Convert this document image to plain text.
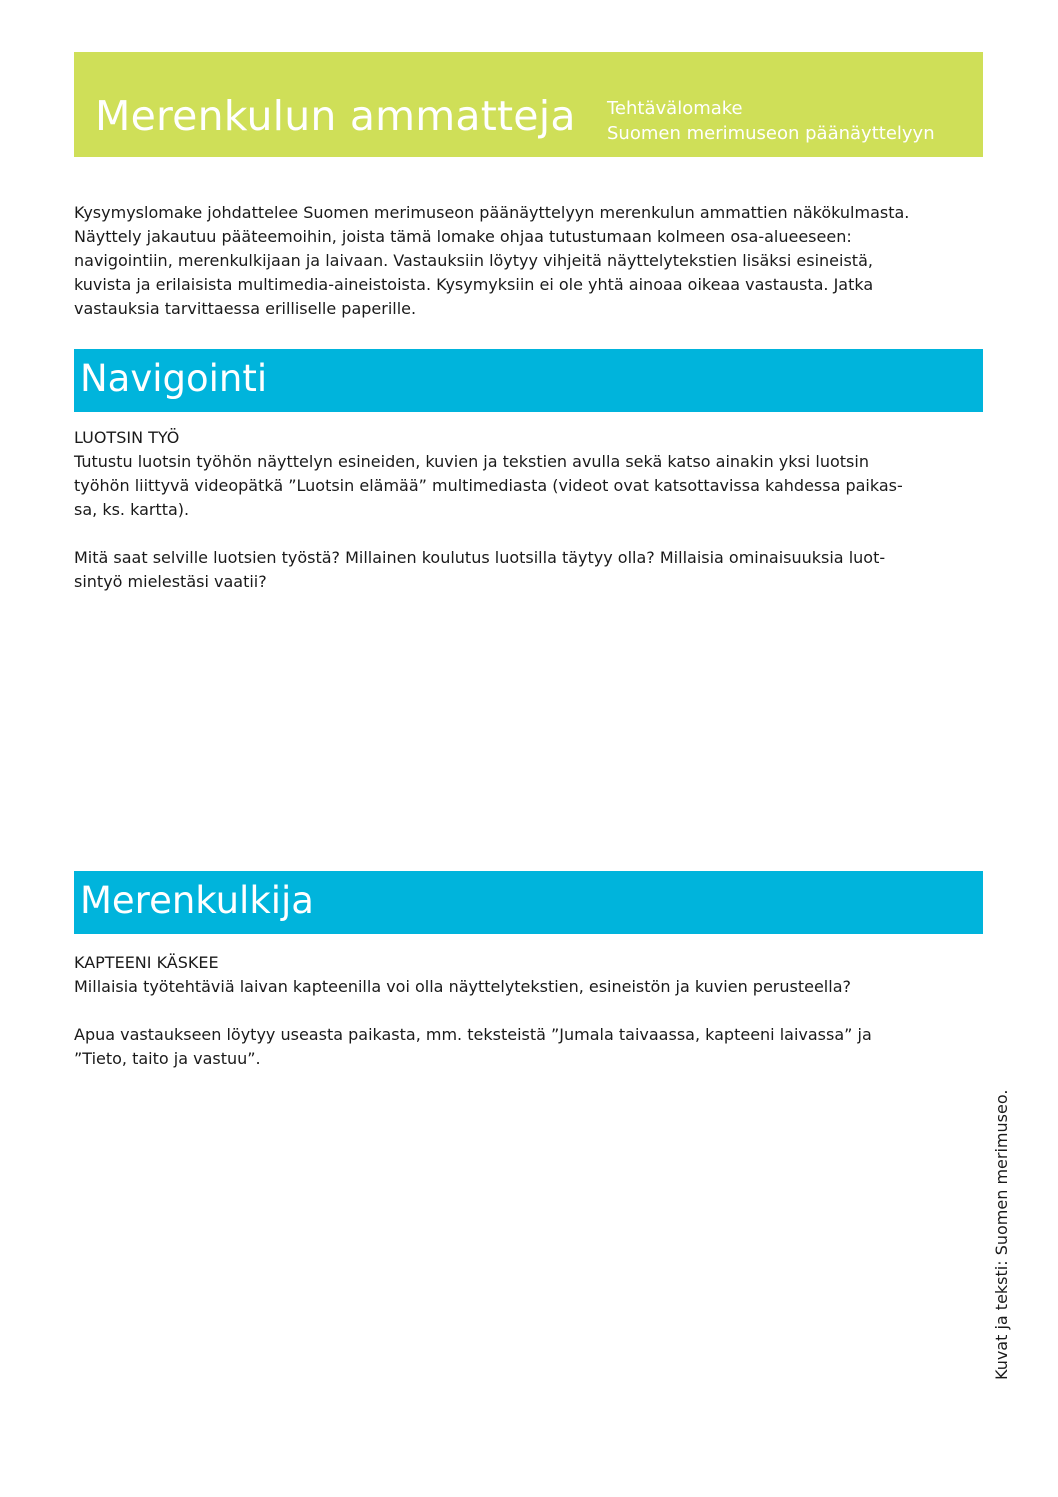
Merenkulun ammatteja Tehtävälomake
Suomen merimuseon päänäyttelyyn
Kysymyslomake johdattelee Suomen merimuseon päänäyttelyyn merenkulun ammattien näkökulmasta.
Näyttely jakautuu pääteemoihin, joista tämä lomake ohjaa tutustumaan kolmeen osa-alueeseen:
navigointiin, merenkulkijaan ja laivaan. Vastauksiin löytyy vihjeitä näyttelytekstien lisäksi esineistä,
kuvista ja erilaisista multimedia-aineistoista. Kysymyksiin ei ole yhtä ainoaa oikeaa vastausta. Jatka
vastauksia tarvittaessa erilliselle paperille.
Navigointi

LUOTSIN TYÖ

Tutustu luotsin työhön näyttelyn esineiden, kuvien ja tekstien avulla sekä katso ainakin yksi luotsin

työhön liittyvä videopätkä ”Luotsin elämää” multimediasta (videot ovat katsottavissa kahdessa paikas-

sa, ks. kartta).

Mitä saat selville luotsien työstä? Millainen koulutus luotsilla täytyy olla? Millaisia ominaisuuksia luot-

sintyö mielestäsi vaatii?

Merenkulkija

KAPTEENI KÄSKEE

Millaisia työtehtäviä laivan kapteenilla voi olla näyttelytekstien, esineistön ja kuvien perusteella?

Apua vastaukseen löytyy useasta paikasta, mm. teksteistä ”Jumala taivaassa, kapteeni laivassa” ja

”Tieto, taito ja vastuu”.

Kuvat ja teksti: Suomen merimuseo.
